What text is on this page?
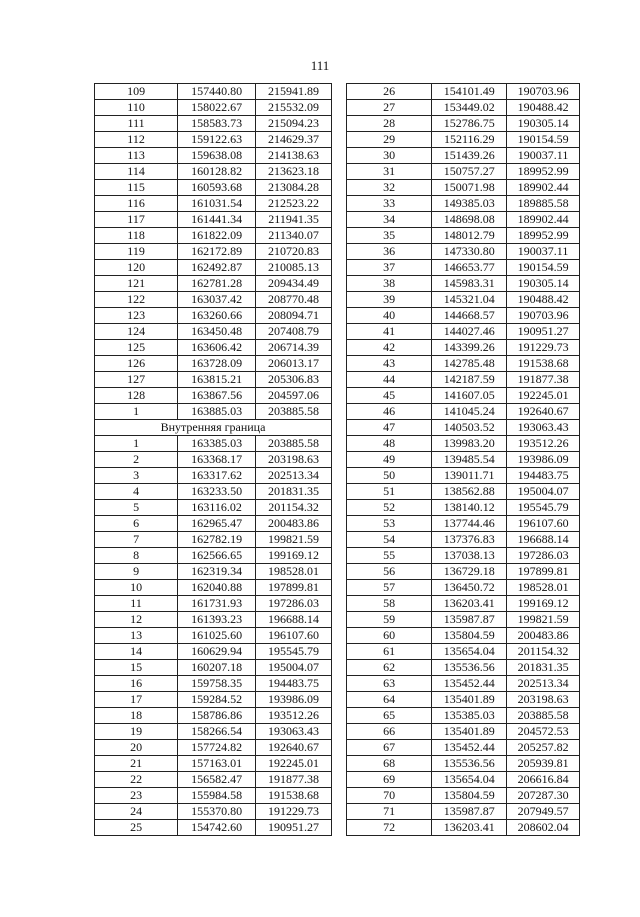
111
109	157440.80	215941.89
110	158022.67	215532.09
111	158583.73	215094.23
112	159122.63	214629.37
113	159638.08	214138.63
114	160128.82	213623.18
115	160593.68	213084.28
116	161031.54	212523.22
117	161441.34	211941.35
118	161822.09	211340.07
119	162172.89	210720.83
120	162492.87	210085.13
121	162781.28	209434.49
122	163037.42	208770.48
123	163260.66	208094.71
124	163450.48	207408.79
125	163606.42	206714.39
126	163728.09	206013.17
127	163815.21	205306.83
128	163867.56	204597.06
1	163885.03	203885.58
Внутренняя граница		
1	163385.03	203885.58
2	163368.17	203198.63
3	163317.62	202513.34
4	163233.50	201831.35
5	163116.02	201154.32
6	162965.47	200483.86
7	162782.19	199821.59
8	162566.65	199169.12
9	162319.34	198528.01
10	162040.88	197899.81
11	161731.93	197286.03
12	161393.23	196688.14
13	161025.60	196107.60
14	160629.94	195545.79
15	160207.18	195004.07
16	159758.35	194483.75
17	159284.52	193986.09
18	158786.86	193512.26
19	158266.54	193063.43
20	157724.82	192640.67
21	157163.01	192245.01
22	156582.47	191877.38
23	155984.58	191538.68
24	155370.80	191229.73
25	154742.60	190951.27
26	154101.49	190703.96
27	153449.02	190488.42
28	152786.75	190305.14
29	152116.29	190154.59
30	151439.26	190037.11
31	150757.27	189952.99
32	150071.98	189902.44
33	149385.03	189885.58
34	148698.08	189902.44
35	148012.79	189952.99
36	147330.80	190037.11
37	146653.77	190154.59
38	145983.31	190305.14
39	145321.04	190488.42
40	144668.57	190703.96
41	144027.46	190951.27
42	143399.26	191229.73
43	142785.48	191538.68
44	142187.59	191877.38
45	141607.05	192245.01
46	141045.24	192640.67
47	140503.52	193063.43
48	139983.20	193512.26
49	139485.54	193986.09
50	139011.71	194483.75
51	138562.88	195004.07
52	138140.12	195545.79
53	137744.46	196107.60
54	137376.83	196688.14
55	137038.13	197286.03
56	136729.18	197899.81
57	136450.72	198528.01
58	136203.41	199169.12
59	135987.87	199821.59
60	135804.59	200483.86
61	135654.04	201154.32
62	135536.56	201831.35
63	135452.44	202513.34
64	135401.89	203198.63
65	135385.03	203885.58
66	135401.89	204572.53
67	135452.44	205257.82
68	135536.56	205939.81
69	135654.04	206616.84
70	135804.59	207287.30
71	135987.87	207949.57
72	136203.41	208602.04
